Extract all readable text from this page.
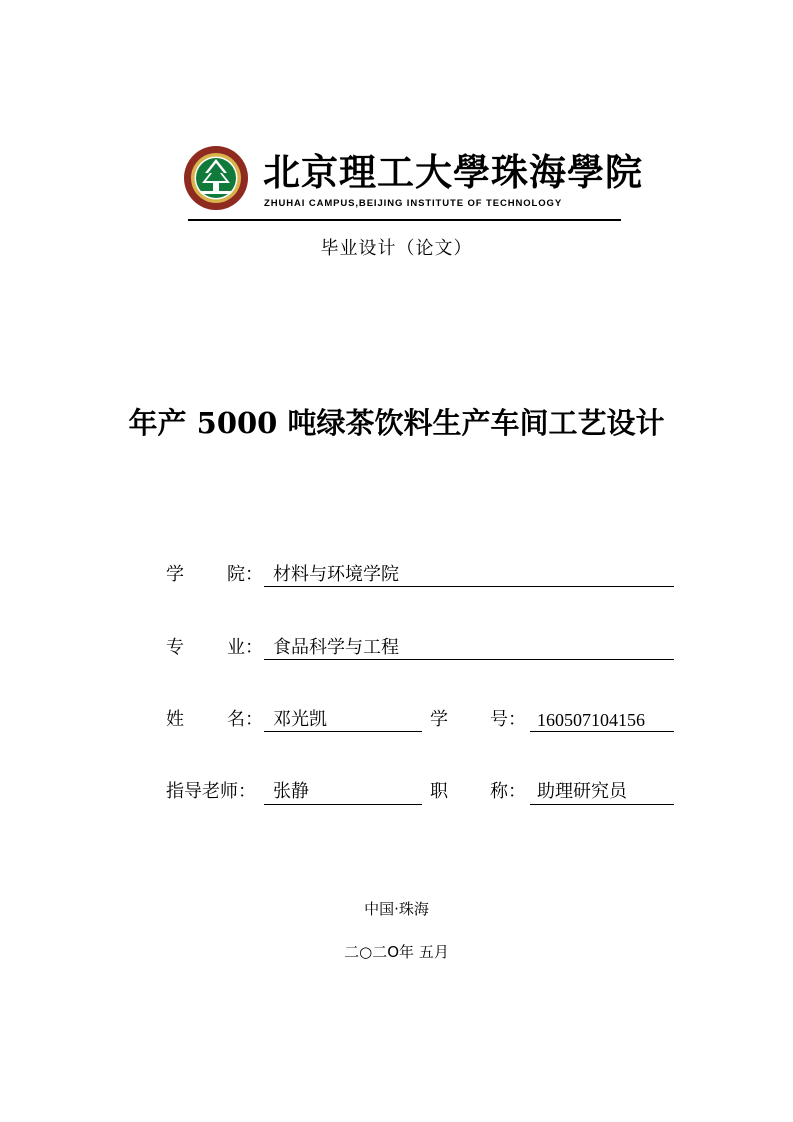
北京理工大學珠海學院
ZHUHAI CAMPUS,BEIJING INSTITUTE OF TECHNOLOGY
毕业设计（论文）
年产 5000 吨绿茶饮料生产车间工艺设计
学 院： 材料与环境学院
专 业： 食品科学与工程
姓 名： 邓光凯	学 号： 160507104156
指导老师： 张静	职 称： 助理研究员
中国·珠海
二○二O年 五月
